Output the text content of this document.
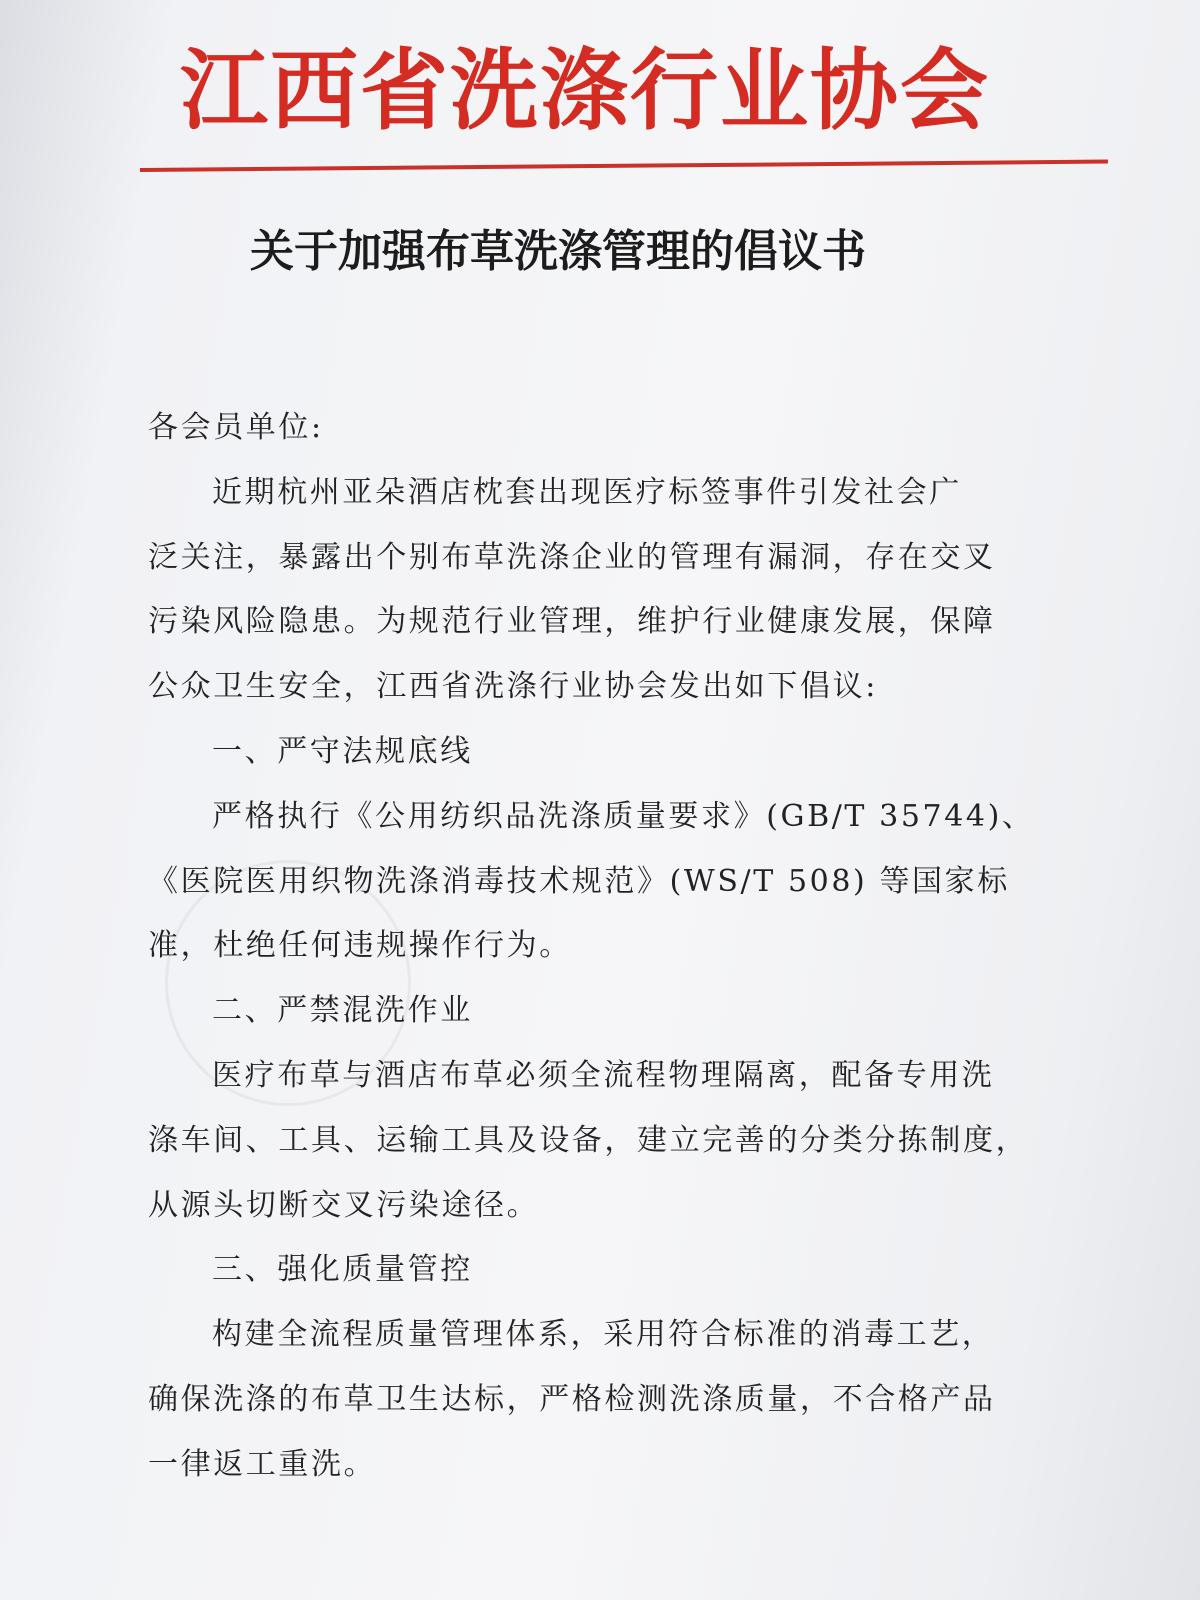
江西省洗涤行业协会
关于加强布草洗涤管理的倡议书
各会员单位:
近期杭州亚朵酒店枕套出现医疗标签事件引发社会广
泛关注，暴露出个别布草洗涤企业的管理有漏洞，存在交叉
污染风险隐患。为规范行业管理，维护行业健康发展，保障
公众卫生安全，江西省洗涤行业协会发出如下倡议:
一、严守法规底线
严格执行《公用纺织品洗涤质量要求》(GB/T 35744)、
《医院医用织物洗涤消毒技术规范》(WS/T 508) 等国家标
准，杜绝任何违规操作行为。
二、严禁混洗作业
医疗布草与酒店布草必须全流程物理隔离，配备专用洗
涤车间、工具、运输工具及设备，建立完善的分类分拣制度，
从源头切断交叉污染途径。
三、强化质量管控
构建全流程质量管理体系，采用符合标准的消毒工艺，
确保洗涤的布草卫生达标，严格检测洗涤质量，不合格产品
一律返工重洗。
